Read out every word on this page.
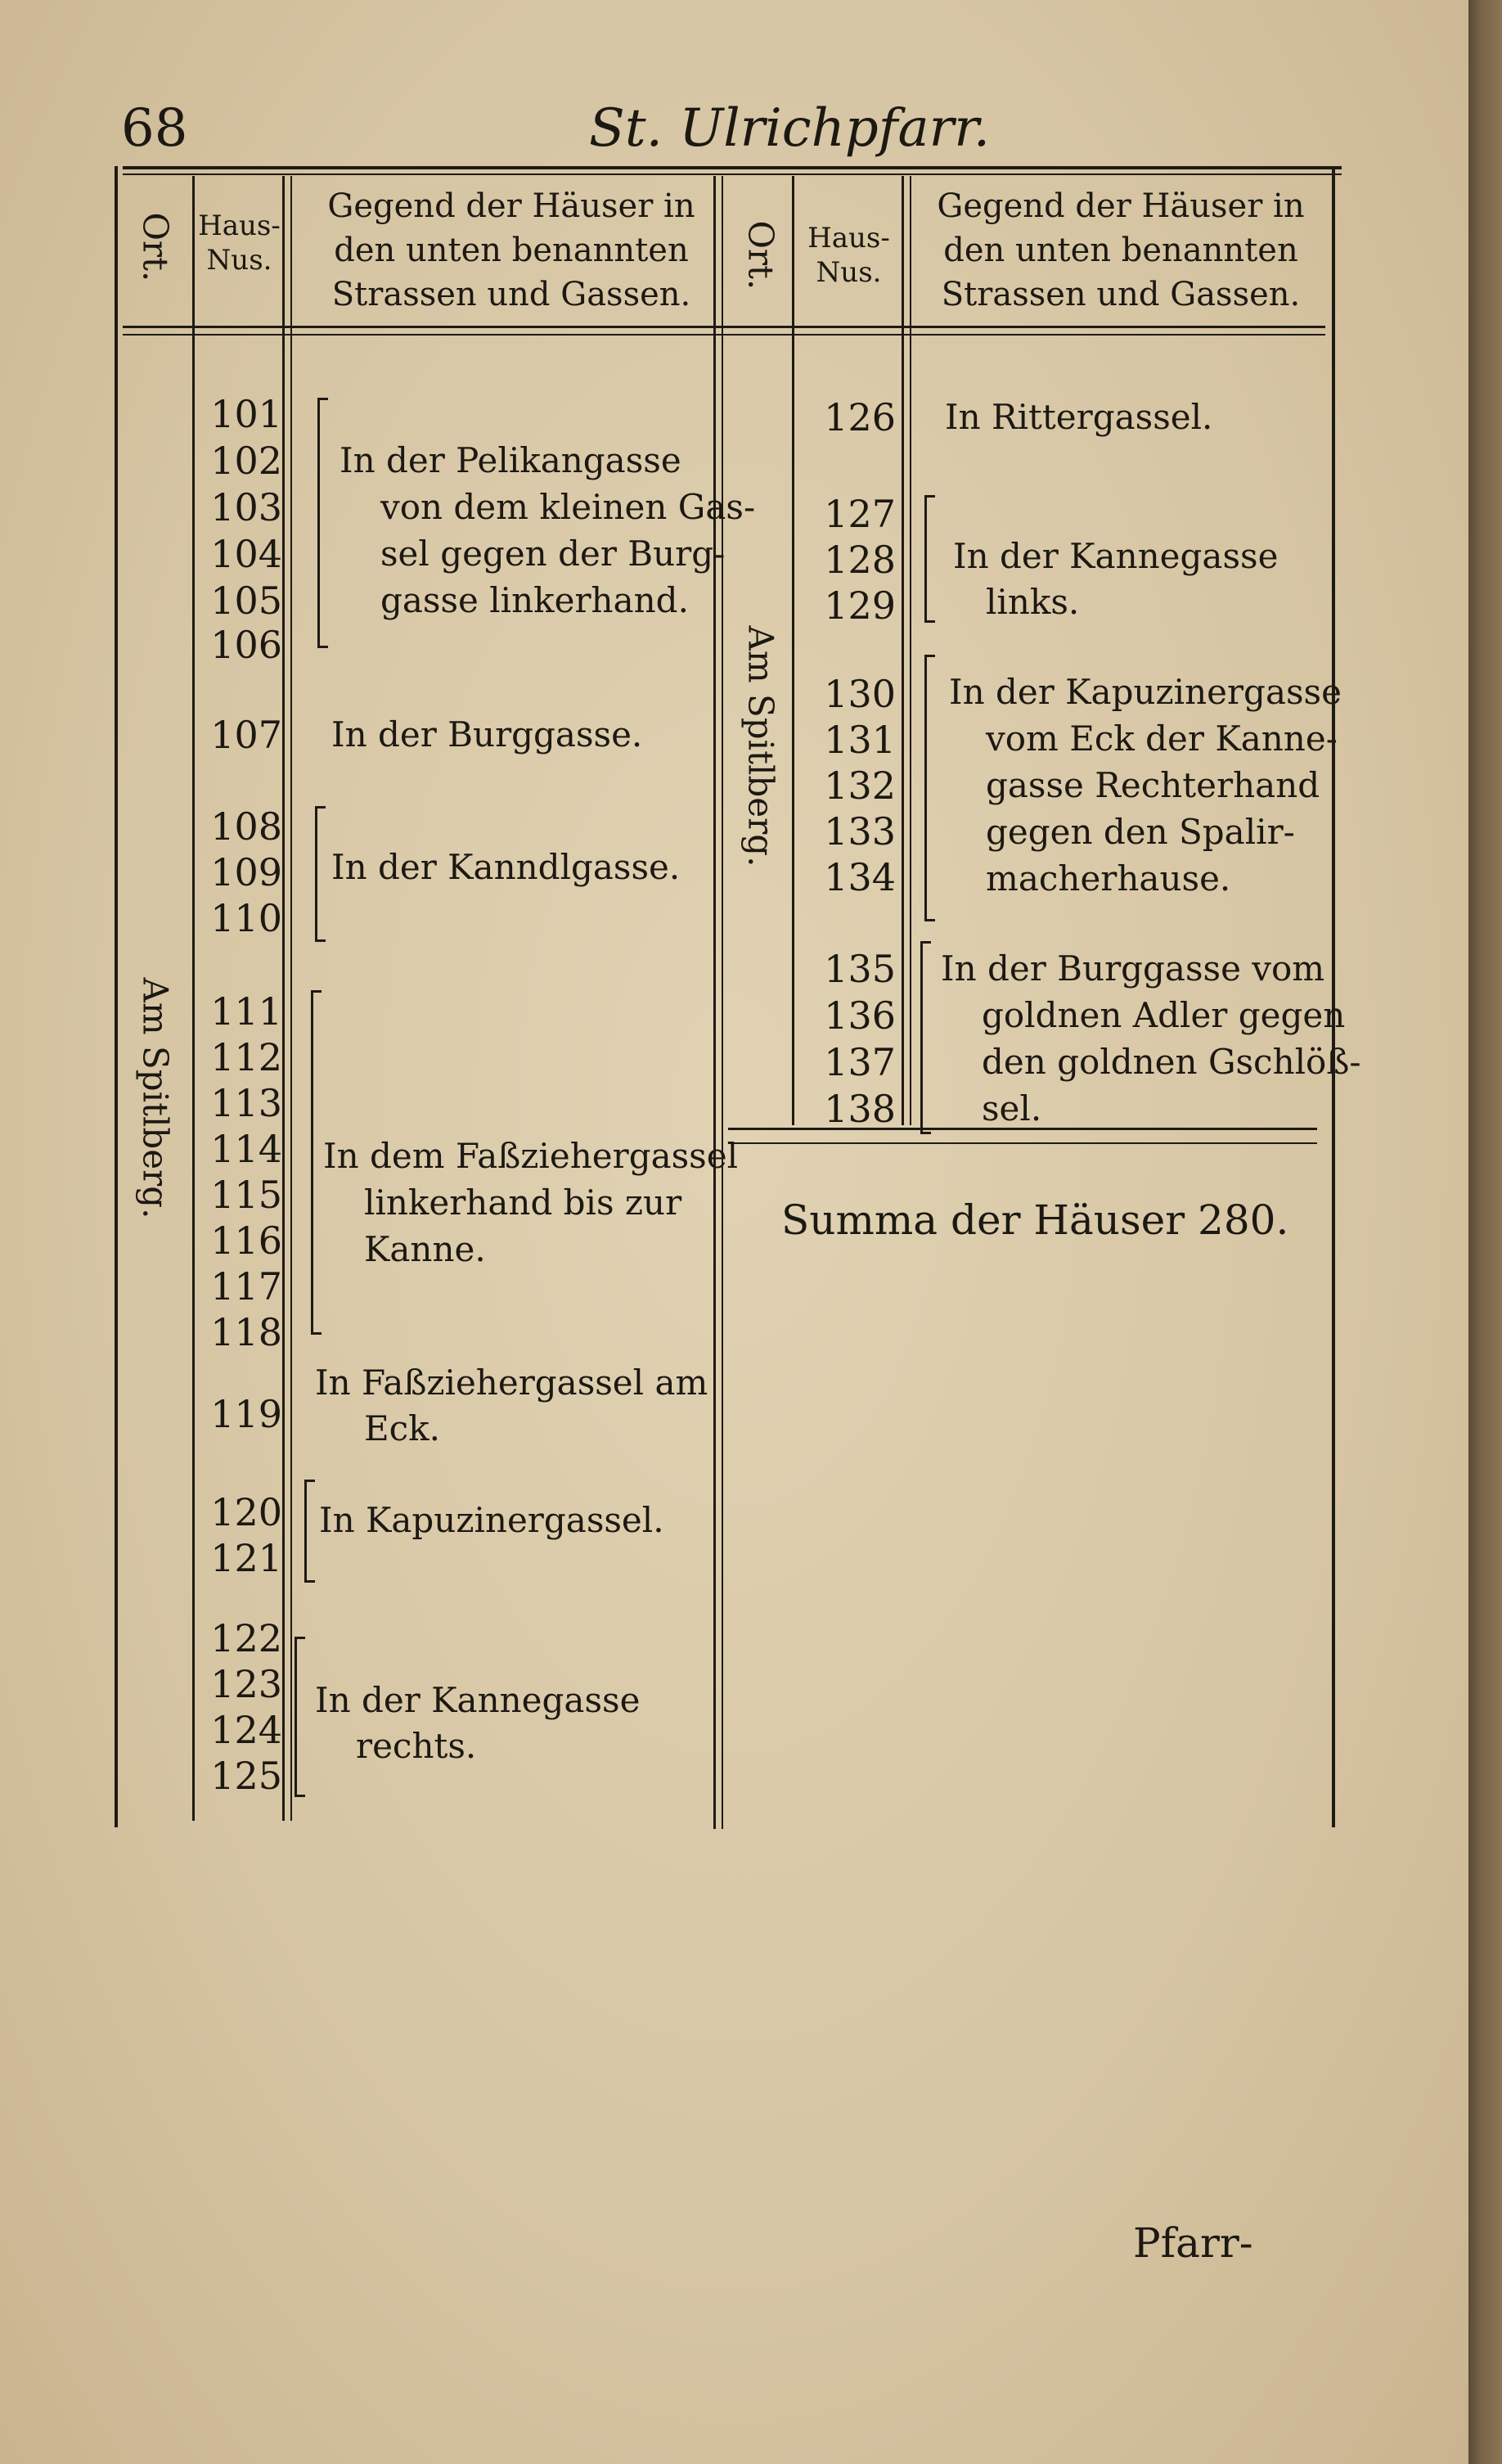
68	St. Ulrichpfarr.
Ort. Haus-
Nus.
Gegend der Häuser in
den unten benannten
Strassen und Gassen.
Ort. Haus-
Nus.
Gegend der Häuser in
den unten benannten
Strassen und Gassen.
Am Spitlberg.
Am Spitlberg.
101
102
103
104
105
106
107
108
109
110
111
112
113
114
115
116
117
118
119
120
121
122
123
124
125
126
127
128
129
130
131
132
133
134
135
136
137
138
In der Pelikangasse
von dem kleinen Gas-
sel gegen der Burg-
gasse linkerhand.
In der Burggasse.
In der Kanndlgasse.
In dem Faßziehergassel
linkerhand bis zur
Kanne.
In Faßziehergassel am
Eck.
In Kapuzinergassel.
In der Kannegasse
rechts.
In Rittergassel.
In der Kannegasse
links.
In der Kapuzinergasse
vom Eck der Kanne-
gasse Rechterhand
gegen den Spalir-
macherhause.
In der Burggasse vom
goldnen Adler gegen
den goldnen Gschlöß-
sel.
Summa der Häuser 280.
Pfarr-
